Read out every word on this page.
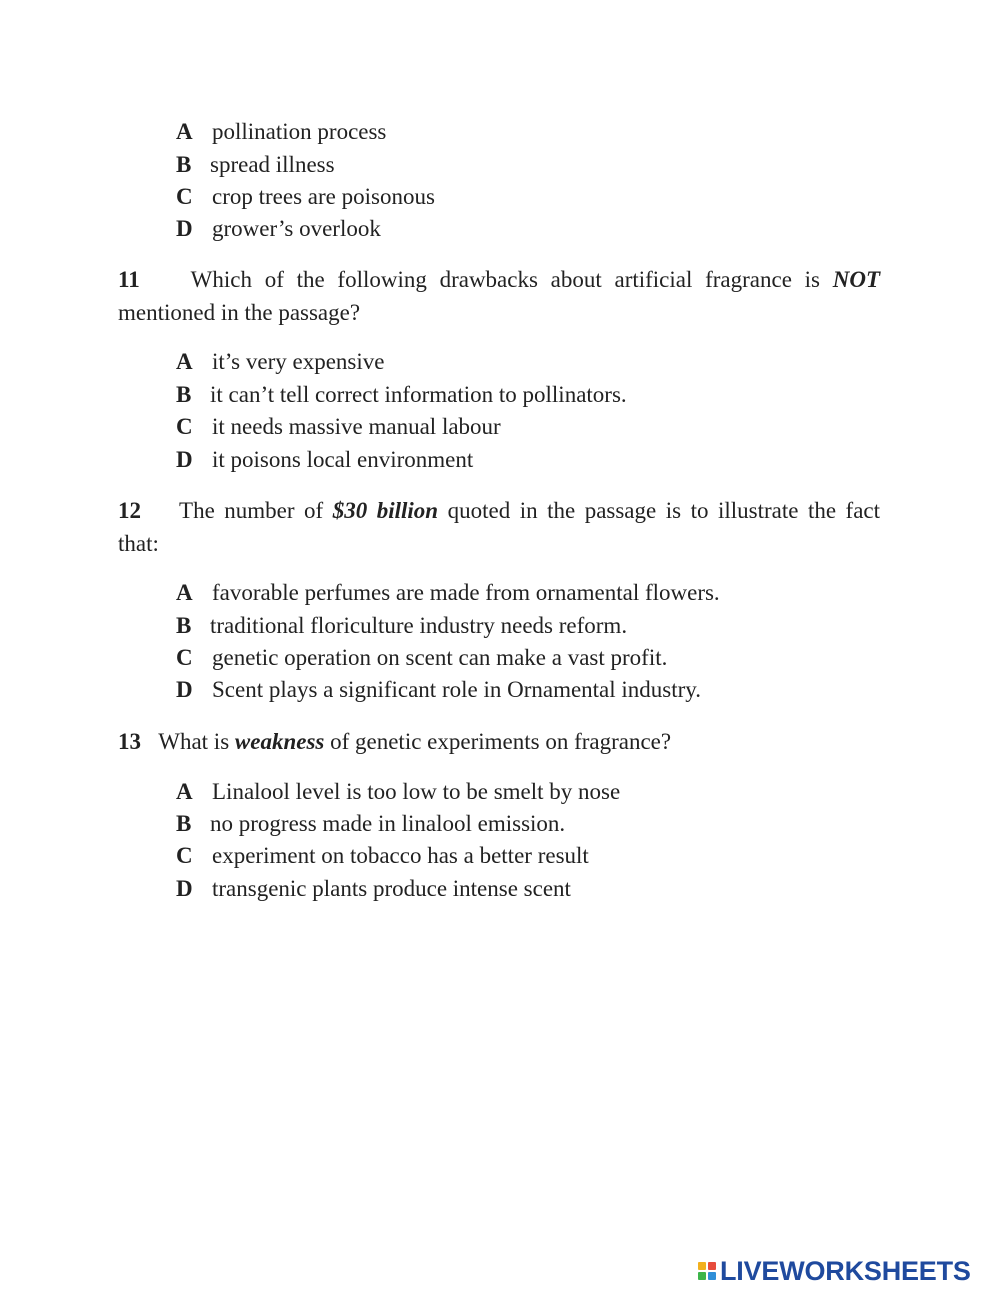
A pollination process
B spread illness
C crop trees are poisonous
D grower’s overlook
11 Which of the following drawbacks about artificial fragrance is NOT
mentioned in the passage?
A it’s very expensive
B it can’t tell correct information to pollinators.
C it needs massive manual labour
D it poisons local environment
12 The number of $30 billion quoted in the passage is to illustrate the fact
that:
A favorable perfumes are made from ornamental flowers.
B traditional floriculture industry needs reform.
C genetic operation on scent can make a vast profit.
D Scent plays a significant role in Ornamental industry.
13 What is weakness of genetic experiments on fragrance?
A Linalool level is too low to be smelt by nose
B no progress made in linalool emission.
C experiment on tobacco has a better result
D transgenic plants produce intense scent
LIVEWORKSHEETS
